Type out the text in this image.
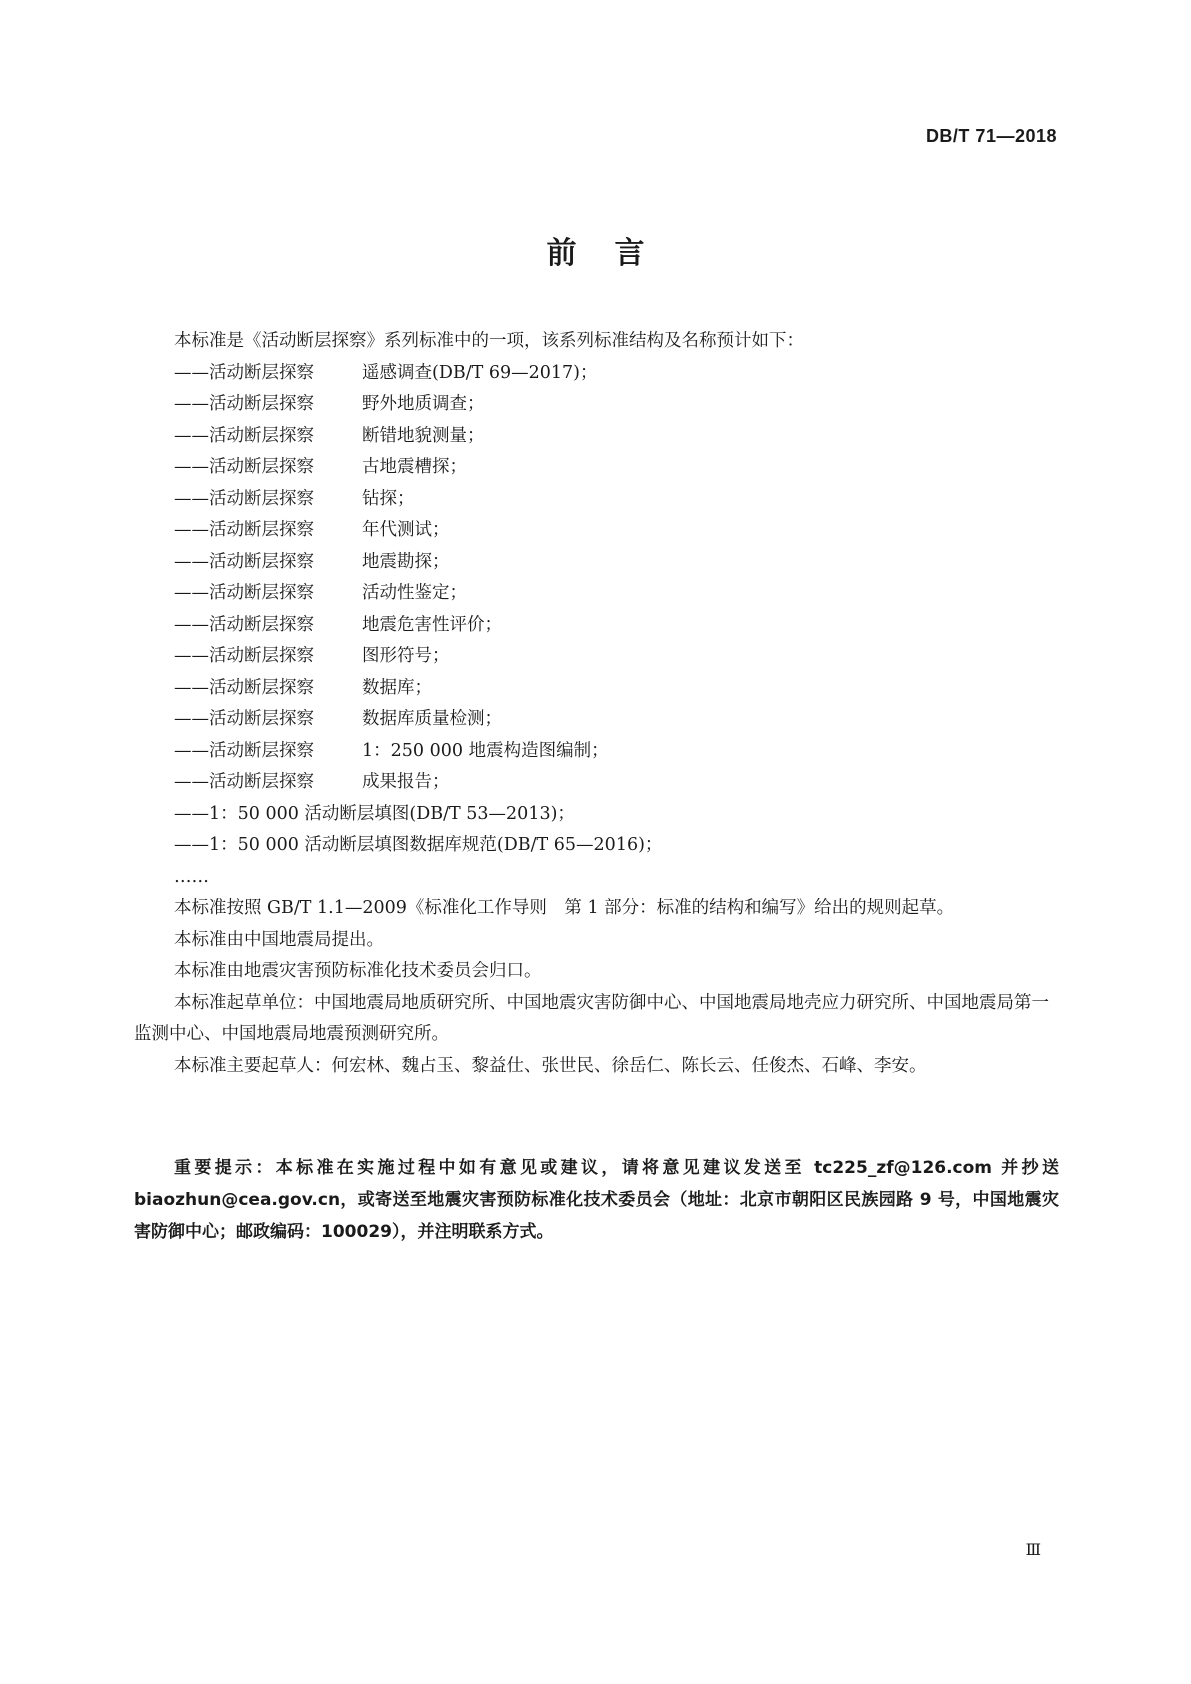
DB/T 71—2018
前言
本标准是《活动断层探察》系列标准中的一项，该系列标准结构及名称预计如下：
——活动断层探察	遥感调查(DB/T 69—2017)；
——活动断层探察	野外地质调查；
——活动断层探察	断错地貌测量；
——活动断层探察	古地震槽探；
——活动断层探察	钻探；
——活动断层探察	年代测试；
——活动断层探察	地震勘探；
——活动断层探察	活动性鉴定；
——活动断层探察	地震危害性评价；
——活动断层探察	图形符号；
——活动断层探察	数据库；
——活动断层探察	数据库质量检测；
——活动断层探察	1：250 000 地震构造图编制；
——活动断层探察	成果报告；
——1：50 000 活动断层填图(DB/T 53—2013)；
——1：50 000 活动断层填图数据库规范(DB/T 65—2016)；
……
本标准按照 GB/T 1.1—2009《标准化工作导则　第 1 部分：标准的结构和编写》给出的规则起草。
本标准由中国地震局提出。
本标准由地震灾害预防标准化技术委员会归口。
本标准起草单位：中国地震局地质研究所、中国地震灾害防御中心、中国地震局地壳应力研究所、中国地震局第一监测中心、中国地震局地震预测研究所。
本标准主要起草人：何宏林、魏占玉、黎益仕、张世民、徐岳仁、陈长云、任俊杰、石峰、李安。
重要提示：本标准在实施过程中如有意见或建议，请将意见建议发送至 tc225_zf@126.com 并抄送 biaozhun@cea.gov.cn，或寄送至地震灾害预防标准化技术委员会（地址：北京市朝阳区民族园路 9 号，中国地震灾害防御中心；邮政编码：100029），并注明联系方式。
Ⅲ
